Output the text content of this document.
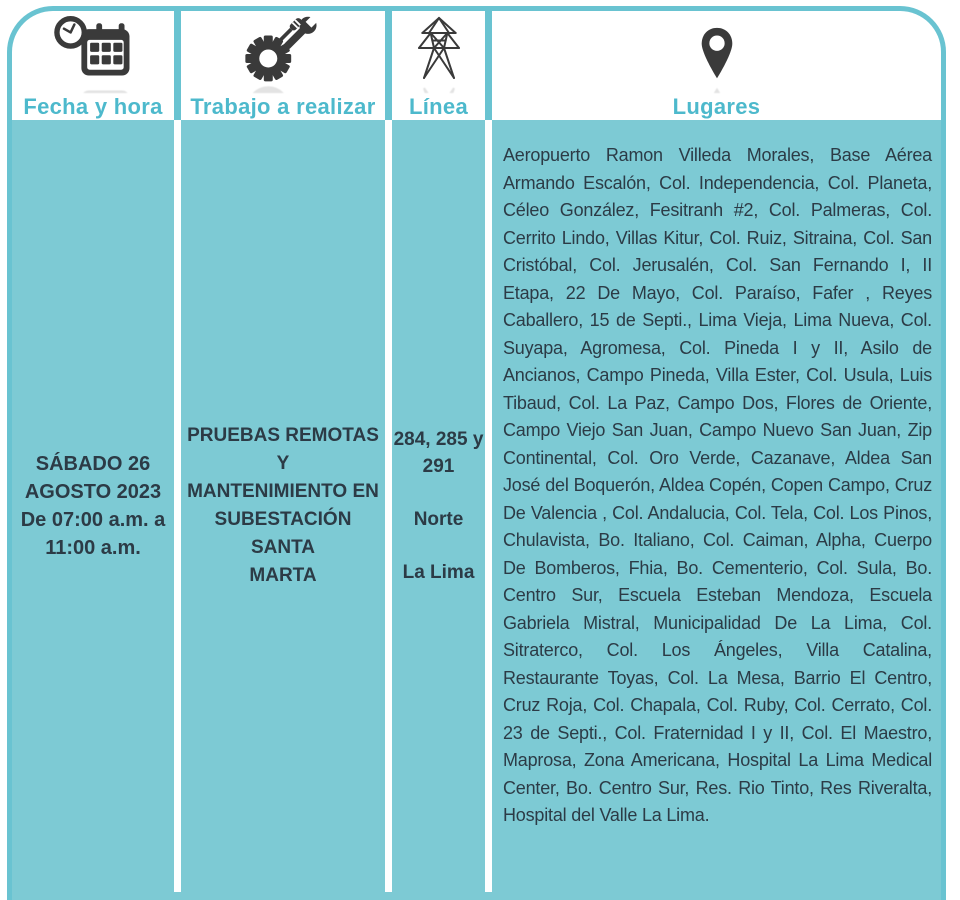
Fecha y hora Trabajo a realizar Línea	Lugares
SÁBADO 26
AGOSTO 2023
De 07:00 a.m. a
11:00 a.m.
PRUEBAS REMOTAS Y
MANTENIMIENTO EN
SUBESTACIÓN SANTA
MARTA
284, 285 y
291
Norte
La Lima

Aeropuerto Ramon Villeda Morales, Base Aérea Armando Escalón, Col. Independencia, Col. Planeta, Céleo González, Fesitranh #2, Col. Palmeras, Col. Cerrito Lindo, Villas Kitur, Col. Ruiz, Sitraina, Col. San Cristóbal, Col. Jerusalén, Col. San Fernando I, II Etapa, 22 De Mayo, Col. Paraíso, Fafer , Reyes Caballero, 15 de Septi., Lima Vieja, Lima Nueva, Col. Suyapa, Agromesa, Col. Pineda I y II, Asilo de Ancianos, Campo Pineda, Villa Ester, Col. Usula, Luis Tibaud, Col. La Paz, Campo Dos, Flores de Oriente, Campo Viejo San Juan, Campo Nuevo San Juan, Zip Continental, Col. Oro Verde, Cazanave, Aldea San José del Boquerón, Aldea Copén, Copen Campo, Cruz De Valencia , Col. Andalucia, Col. Tela, Col. Los Pinos, Chulavista, Bo. Italiano, Col. Caiman, Alpha, Cuerpo De Bomberos, Fhia, Bo. Cementerio, Col. Sula, Bo. Centro Sur, Escuela Esteban Mendoza, Escuela Gabriela Mistral, Municipalidad De La Lima, Col. Sitraterco, Col. Los Ángeles, Villa Catalina, Restaurante Toyas, Col. La Mesa, Barrio El Centro, Cruz Roja, Col. Chapala, Col. Ruby, Col. Cerrato, Col. 23 de Septi., Col. Fraternidad I y II, Col. El Maestro, Maprosa, Zona Americana, Hospital La Lima Medical Center, Bo. Centro Sur, Res. Rio Tinto, Res Riveralta, Hospital del Valle La Lima.
